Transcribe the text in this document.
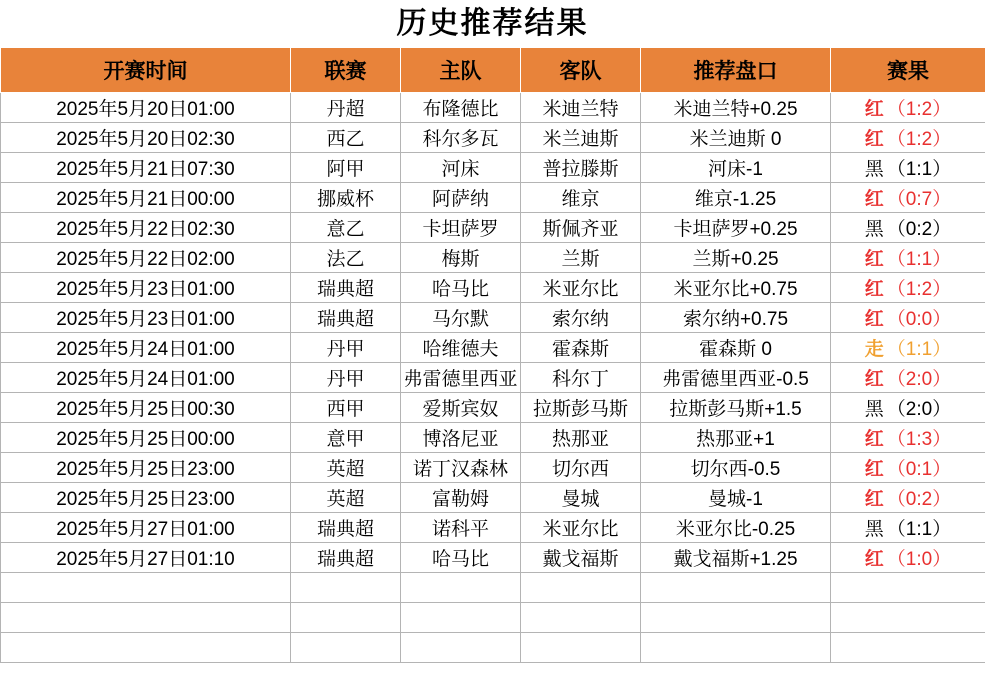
历史推荐结果
开赛时间	联赛	主队	客队	推荐盘口	赛果
2025年5月20日01:00	丹超	布隆德比	米迪兰特	米迪兰特+0.25	红 （1:2）
2025年5月20日02:30	西乙	科尔多瓦	米兰迪斯	米兰迪斯 0	红 （1:2）
2025年5月21日07:30	阿甲	河床	普拉滕斯	河床-1	黑 （1:1）
2025年5月21日00:00	挪威杯	阿萨纳	维京	维京-1.25	红 （0:7）
2025年5月22日02:30	意乙	卡坦萨罗	斯佩齐亚	卡坦萨罗+0.25	黑 （0:2）
2025年5月22日02:00	法乙	梅斯	兰斯	兰斯+0.25	红 （1:1）
2025年5月23日01:00	瑞典超	哈马比	米亚尔比	米亚尔比+0.75	红 （1:2）
2025年5月23日01:00	瑞典超	马尔默	索尔纳	索尔纳+0.75	红 （0:0）
2025年5月24日01:00	丹甲	哈维德夫	霍森斯	霍森斯 0	走 （1:1）
2025年5月24日01:00	丹甲	弗雷德里西亚	科尔丁	弗雷德里西亚-0.5	红 （2:0）
2025年5月25日00:30	西甲	爱斯宾奴	拉斯彭马斯	拉斯彭马斯+1.5	黑 （2:0）
2025年5月25日00:00	意甲	博洛尼亚	热那亚	热那亚+1	红 （1:3）
2025年5月25日23:00	英超	诺丁汉森林	切尔西	切尔西-0.5	红 （0:1）
2025年5月25日23:00	英超	富勒姆	曼城	曼城-1	红 （0:2）
2025年5月27日01:00	瑞典超	诺科平	米亚尔比	米亚尔比-0.25	黑 （1:1）
2025年5月27日01:10	瑞典超	哈马比	戴戈福斯	戴戈福斯+1.25	红 （1:0）
